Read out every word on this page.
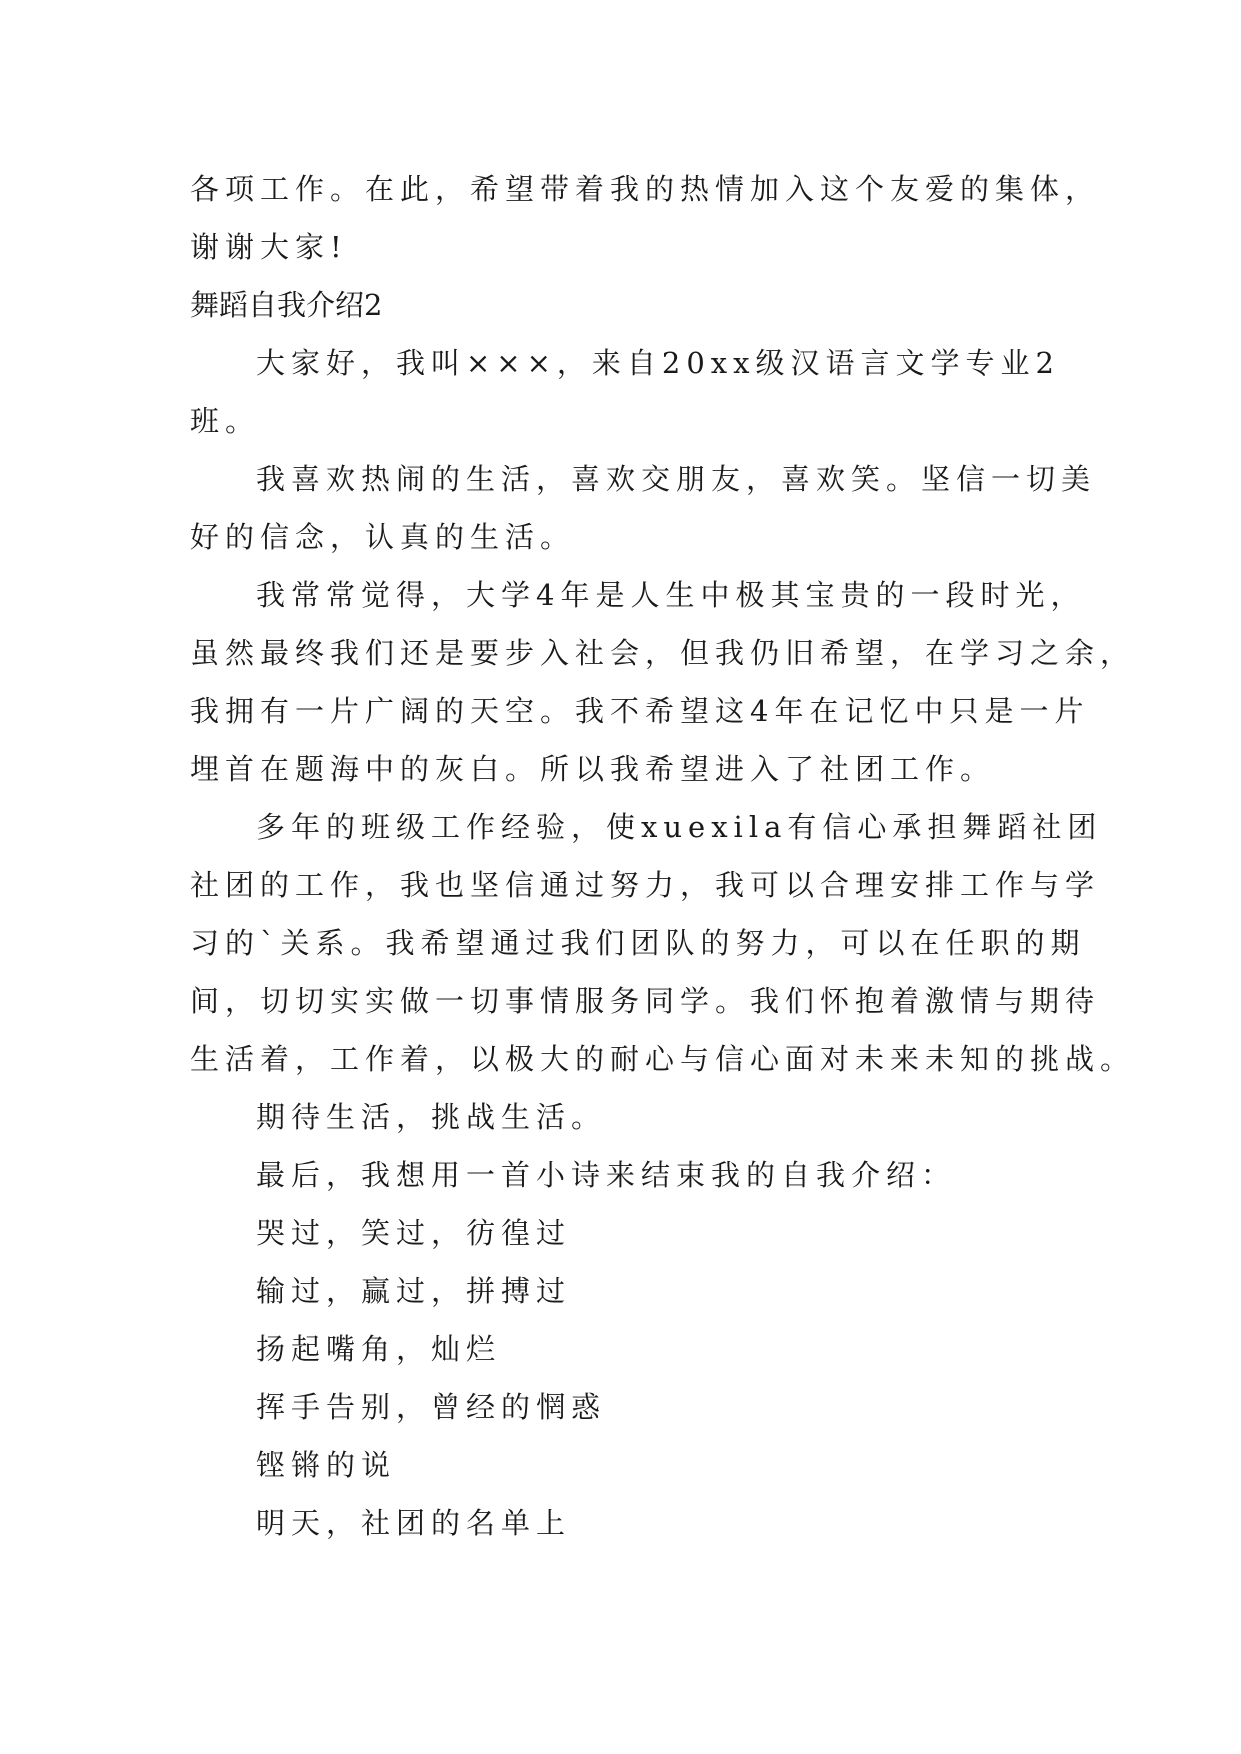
各项工作。在此，希望带着我的热情加入这个友爱的集体，
谢谢大家!
舞蹈自我介绍2
大家好，我叫×××，来自20xx级汉语言文学专业2
班。
我喜欢热闹的生活，喜欢交朋友，喜欢笑。坚信一切美
好的信念，认真的生活。
我常常觉得，大学4年是人生中极其宝贵的一段时光，
虽然最终我们还是要步入社会，但我仍旧希望，在学习之余，
我拥有一片广阔的天空。我不希望这4年在记忆中只是一片
埋首在题海中的灰白。所以我希望进入了社团工作。
多年的班级工作经验，使xuexila有信心承担舞蹈社团
社团的工作，我也坚信通过努力，我可以合理安排工作与学
习的`关系。我希望通过我们团队的努力，可以在任职的期
间，切切实实做一切事情服务同学。我们怀抱着激情与期待
生活着，工作着，以极大的耐心与信心面对未来未知的挑战。
期待生活，挑战生活。
最后，我想用一首小诗来结束我的自我介绍：
哭过，笑过，彷徨过
输过，赢过，拼搏过
扬起嘴角，灿烂
挥手告别，曾经的惘惑
铿锵的说
明天，社团的名单上
